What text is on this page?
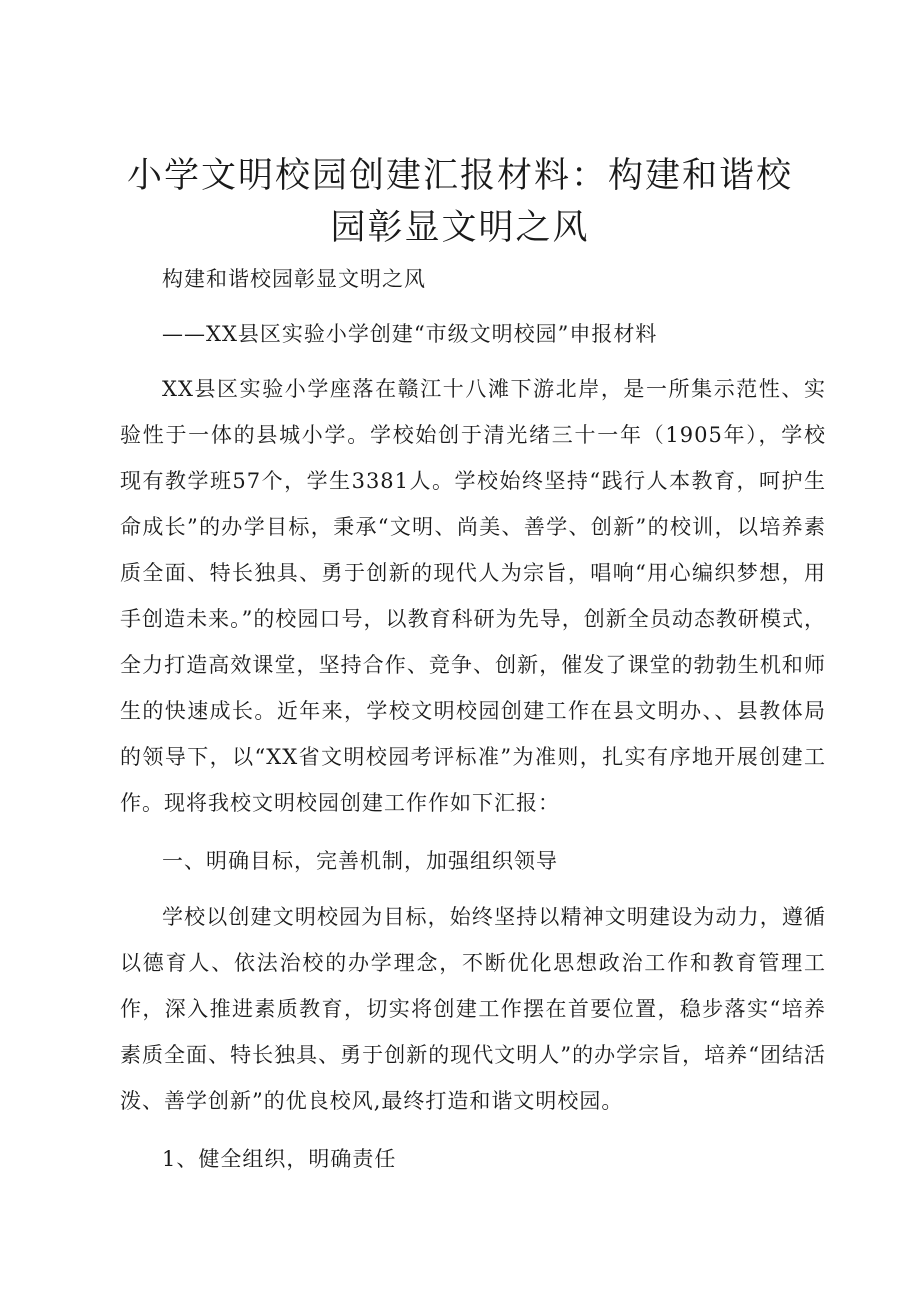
小学文明校园创建汇报材料：构建和谐校园彰显文明之风

构建和谐校园彰显文明之风

——XX县区实验小学创建“市级文明校园”申报材料

XX县区实验小学座落在赣江十八滩下游北岸，是一所集示范性、实验性于一体的县城小学。学校始创于清光绪三十一年（1905年），学校现有教学班57个，学生3381人。学校始终坚持“践行人本教育，呵护生命成长”的办学目标，秉承“文明、尚美、善学、创新”的校训，以培养素质全面、特长独具、勇于创新的现代人为宗旨，唱响“用心编织梦想，用手创造未来。”的校园口号，以教育科研为先导，创新全员动态教研模式，全力打造高效课堂，坚持合作、竞争、创新，催发了课堂的勃勃生机和师生的快速成长。近年来，学校文明校园创建工作在县文明办、、县教体局的领导下，以“XX省文明校园考评标准”为准则，扎实有序地开展创建工作。现将我校文明校园创建工作作如下汇报：

一、明确目标，完善机制，加强组织领导

学校以创建文明校园为目标，始终坚持以精神文明建设为动力，遵循以德育人、依法治校的办学理念，不断优化思想政治工作和教育管理工作，深入推进素质教育，切实将创建工作摆在首要位置，稳步落实“培养素质全面、特长独具、勇于创新的现代文明人”的办学宗旨，培养“团结活泼、善学创新”的优良校风,最终打造和谐文明校园。

1、健全组织，明确责任
